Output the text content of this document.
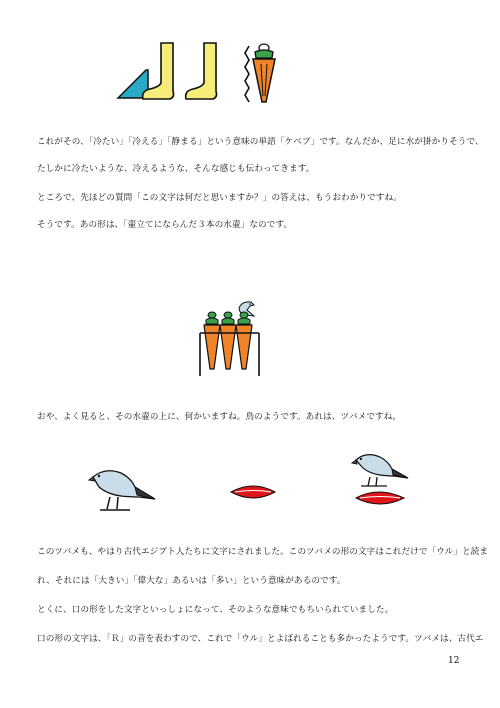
これがその、「冷たい」「冷える」「静まる」という意味の単語「ケベブ」です。なんだか、足に水が掛かりそうで、

たしかに冷たいような、冷えるような、そんな感じも伝わってきます。

ところで、先ほどの質問「この文字は何だと思いますか？」の答えは、もうおわかりですね。

そうです。あの形は、「壷立てにならんだ３本の水壷」なのです。

おや、よく見ると、その水壷の上に、何かいますね。鳥のようです。あれは、ツバメですね。

このツバメも、やはり古代エジプト人たちに文字にされました。このツバメの形の文字はこれだけで「ウル」と読ま

れ、それには「大きい」「偉大な」あるいは「多い」という意味があるのです。

とくに、口の形をした文字といっしょになって、そのような意味でもちいられていました。

口の形の文字は、「Ｒ」の音を表わすので、これで「ウル」とよばれることも多かったようです。ツバメは、古代エ

12
